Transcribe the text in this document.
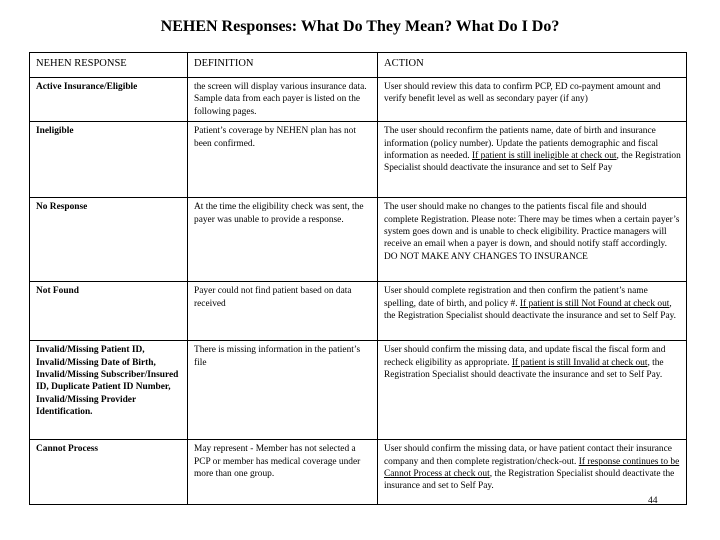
NEHEN Responses: What Do They Mean? What Do I Do?
NEHEN RESPONSE	DEFINITION	ACTION
Active Insurance/Eligible	the screen will display various insurance data. Sample data from each payer is listed on the following pages.	User should review this data to confirm PCP, ED co-payment amount and verify benefit level as well as secondary payer (if any)
Ineligible	Patient’s coverage by NEHEN plan has not been confirmed.	The user should reconfirm the patients name, date of birth and insurance information (policy number). Update the patients demographic and fiscal information as needed. If patient is still ineligible at check out, the Registration Specialist should deactivate the insurance and set to Self Pay
No Response	At the time the eligibility check was sent, the payer was unable to provide a response.	The user should make no changes to the patients fiscal file and should complete Registration. Please note: There may be times when a certain payer’s system goes down and is unable to check eligibility. Practice managers will receive an email when a payer is down, and should notify staff accordingly. DO NOT MAKE ANY CHANGES TO INSURANCE
Not Found	Payer could not find patient based on data received	User should complete registration and then confirm the patient’s name spelling, date of birth, and policy #. If patient is still Not Found at check out, the Registration Specialist should deactivate the insurance and set to Self Pay.
Invalid/Missing Patient ID, Invalid/Missing Date of Birth, Invalid/Missing Subscriber/Insured ID, Duplicate Patient ID Number, Invalid/Missing Provider Identification.	There is missing information in the patient’s file	User should confirm the missing data, and update fiscal the fiscal form and recheck eligibility as appropriate. If patient is still Invalid at check out, the Registration Specialist should deactivate the insurance and set to Self Pay.
Cannot Process	May represent - Member has not selected a PCP or member has medical coverage under more than one group.	User should confirm the missing data, or have patient contact their insurance company and then complete registration/check-out. If response continues to be Cannot Process at check out, the Registration Specialist should deactivate the insurance and set to Self Pay.
44
